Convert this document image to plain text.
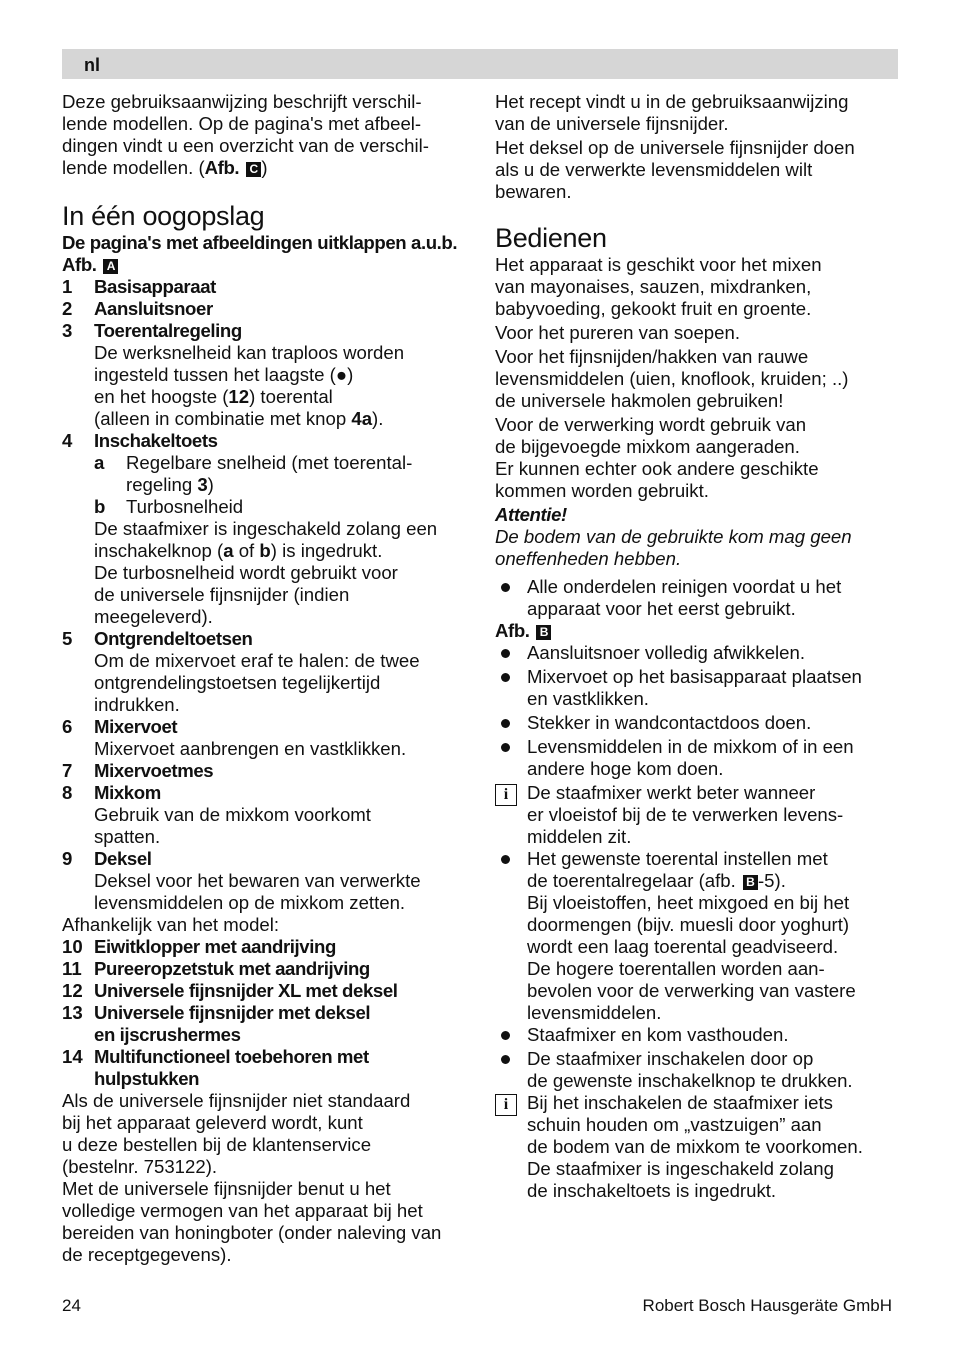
nl

Deze gebruiksaanwijzing beschrijft verschil-

lende modellen. Op de pagina's met afbeel-

dingen vindt u een overzicht van de verschil-

lende modellen. (Afb. C )

In één oogopslag

De pagina's met afbeeldingen uitklappen a.u.b.

Afb. A

1	Basisapparaat
2	Aansluitsnoer
3	Toerentalregeling

De werksnelheid kan traploos worden

ingesteld tussen het laagste (●)

en het hoogste (12) toerental

(alleen in combinatie met knop 4a).

4	Inschakeltoets
a	Regelbare snelheid (met toerental-

regeling 3)

b	Turbosnelheid

De staafmixer is ingeschakeld zolang een

inschakelknop (a of b) is ingedrukt.

De turbosnelheid wordt gebruikt voor

de universele fijnsnijder (indien

meegeleverd).

5	Ontgrendeltoetsen

Om de mixervoet eraf te halen: de twee

ontgrendelingstoetsen tegelijkertijd

indrukken.

6	Mixervoet

Mixervoet aanbrengen en vastklikken.

7	Mixervoetmes
8	Mixkom

Gebruik van de mixkom voorkomt

spatten.

9	Deksel

Deksel voor het bewaren van verwerkte

levensmiddelen op de mixkom zetten.

Afhankelijk van het model:

10 Eiwitklopper met aandrijving
11 Pureeropzetstuk met aandrijving
12 Universele fijnsnijder XL met deksel
13 Universele fijnsnijder met deksel

en ijscrushermes

14 Multifunctioneel toebehoren met

hulpstukken

Als de universele fijnsnijder niet standaard

bij het apparaat geleverd wordt, kunt

u deze bestellen bij de klantenservice

(bestelnr. 753122).

Met de universele fijnsnijder benut u het

volledige vermogen van het apparaat bij het

bereiden van honingboter (onder naleving van

de receptgegevens).

Het recept vindt u in de gebruiksaanwijzing

van de universele fijnsnijder.

Het deksel op de universele fijnsnijder doen

als u de verwerkte levensmiddelen wilt

bewaren.

Bedienen

Het apparaat is geschikt voor het mixen

van mayonaises, sauzen, mixdranken,

babyvoeding, gekookt fruit en groente.

Voor het pureren van soepen.

Voor het fijnsnijden/hakken van rauwe

levensmiddelen (uien, knoflook, kruiden; ..)

de universele hakmolen gebruiken!

Voor de verwerking wordt gebruik van

de bijgevoegde mixkom aangeraden.

Er kunnen echter ook andere geschikte

kommen worden gebruikt.

Attentie!

De bodem van de gebruikte kom mag geen

oneffenheden hebben.

Alle onderdelen reinigen voordat u het

apparaat voor het eerst gebruikt.

Afb. B

Aansluitsnoer volledig afwikkelen.

Mixervoet op het basisapparaat plaatsen

en vastklikken.

Stekker in wandcontactdoos doen.

Levensmiddelen in de mixkom of in een

andere hoge kom doen.

i	De staafmixer werkt beter wanneer

er vloeistof bij de te verwerken levens-

middelen zit.

Het gewenste toerental instellen met

de toerentalregelaar (afb. B -5).

Bij vloeistoffen, heet mixgoed en bij het

doormengen (bijv. muesli door yoghurt)

wordt een laag toerental geadviseerd.

De hogere toerentallen worden aan-

bevolen voor de verwerking van vastere

levensmiddelen.

Staafmixer en kom vasthouden.

De staafmixer inschakelen door op

de gewenste inschakelknop te drukken.

i	Bij het inschakelen de staafmixer iets

schuin houden om „vastzuigen” aan

de bodem van de mixkom te voorkomen.

De staafmixer is ingeschakeld zolang

de inschakeltoets is ingedrukt.

24	Robert Bosch Hausgeräte GmbH
